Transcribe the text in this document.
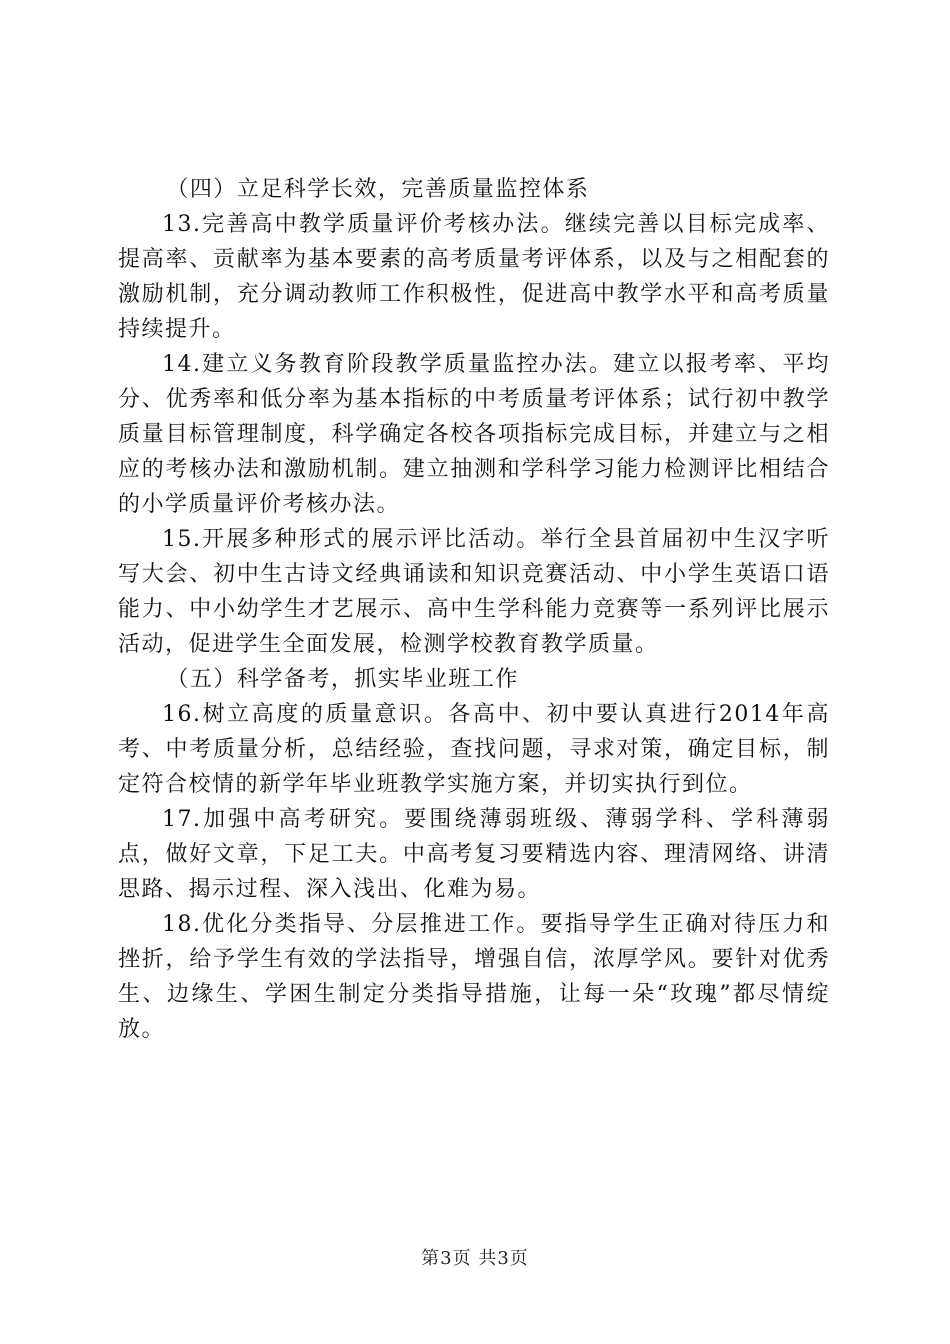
（四）立足科学长效，完善质量监控体系

13.完善高中教学质量评价考核办法。继续完善以目标完成率、提高率、贡献率为基本要素的高考质量考评体系，以及与之相配套的激励机制，充分调动教师工作积极性，促进高中教学水平和高考质量持续提升。

14.建立义务教育阶段教学质量监控办法。建立以报考率、平均分、优秀率和低分率为基本指标的中考质量考评体系；试行初中教学质量目标管理制度，科学确定各校各项指标完成目标，并建立与之相应的考核办法和激励机制。建立抽测和学科学习能力检测评比相结合的小学质量评价考核办法。

15.开展多种形式的展示评比活动。举行全县首届初中生汉字听写大会、初中生古诗文经典诵读和知识竞赛活动、中小学生英语口语能力、中小幼学生才艺展示、高中生学科能力竞赛等一系列评比展示活动，促进学生全面发展，检测学校教育教学质量。

（五）科学备考，抓实毕业班工作

16.树立高度的质量意识。各高中、初中要认真进行2014年高考、中考质量分析，总结经验，查找问题，寻求对策，确定目标，制定符合校情的新学年毕业班教学实施方案，并切实执行到位。

17.加强中高考研究。要围绕薄弱班级、薄弱学科、学科薄弱点，做好文章，下足工夫。中高考复习要精选内容、理清网络、讲清思路、揭示过程、深入浅出、化难为易。

18.优化分类指导、分层推进工作。要指导学生正确对待压力和挫折，给予学生有效的学法指导，增强自信，浓厚学风。要针对优秀生、边缘生、学困生制定分类指导措施，让每一朵“玫瑰”都尽情绽放。

第3页 共3页
